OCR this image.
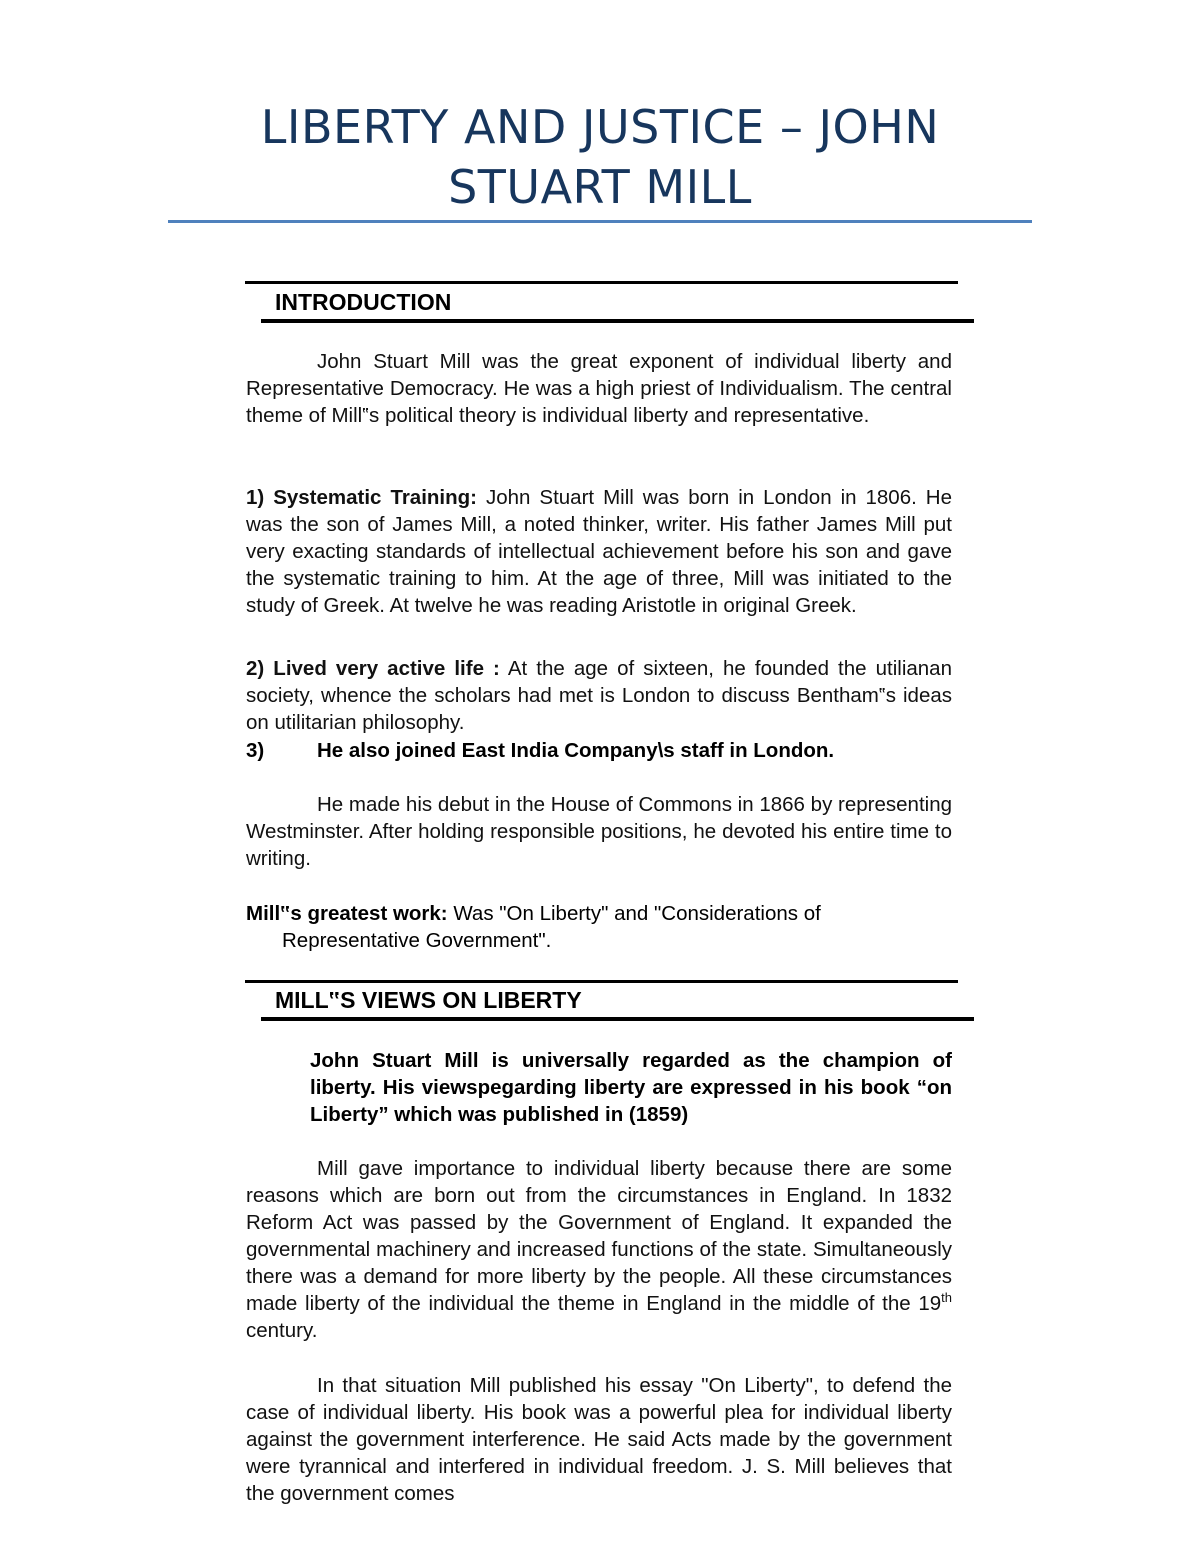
LIBERTY AND JUSTICE – JOHN
STUART MILL
INTRODUCTION
John Stuart Mill was the great exponent of individual liberty and Representative Democracy. He was a high priest of Individualism. The central theme of Mill‟s political theory is individual liberty and representative.
1) Systematic Training: John Stuart Mill was born in London in 1806. He was the son of James Mill, a noted thinker, writer. His father James Mill put very exacting standards of intellectual achievement before his son and gave the systematic training to him. At the age of three, Mill was initiated to the study of Greek. At twelve he was reading Aristotle in original Greek.
2) Lived very active life : At the age of sixteen, he founded the utilianan society, whence the scholars had met is London to discuss Bentham‟s ideas on utilitarian philosophy.
3)	He also joined East India Company\s staff in London.
He made his debut in the House of Commons in 1866 by representing Westminster. After holding responsible positions, he devoted his entire time to writing.
Mill‟s greatest work: Was "On Liberty" and "Considerations of
Representative Government".
MILL‟S VIEWS ON LIBERTY
John Stuart Mill is universally regarded as the champion of liberty. His viewspegarding liberty are expressed in his book “on Liberty” which was published in (1859)
Mill gave importance to individual liberty because there are some reasons which are born out from the circumstances in England. In 1832 Reform Act was passed by the Government of England. It expanded the governmental machinery and increased functions of the state. Simultaneously there was a demand for more liberty by the people. All these circumstances made liberty of the individual the theme in England in the middle of the 19th century.
In that situation Mill published his essay "On Liberty", to defend the case of individual liberty. His book was a powerful plea for individual liberty against the government interference. He said Acts made by the government were tyrannical and interfered in individual freedom. J. S. Mill believes that the government comes
